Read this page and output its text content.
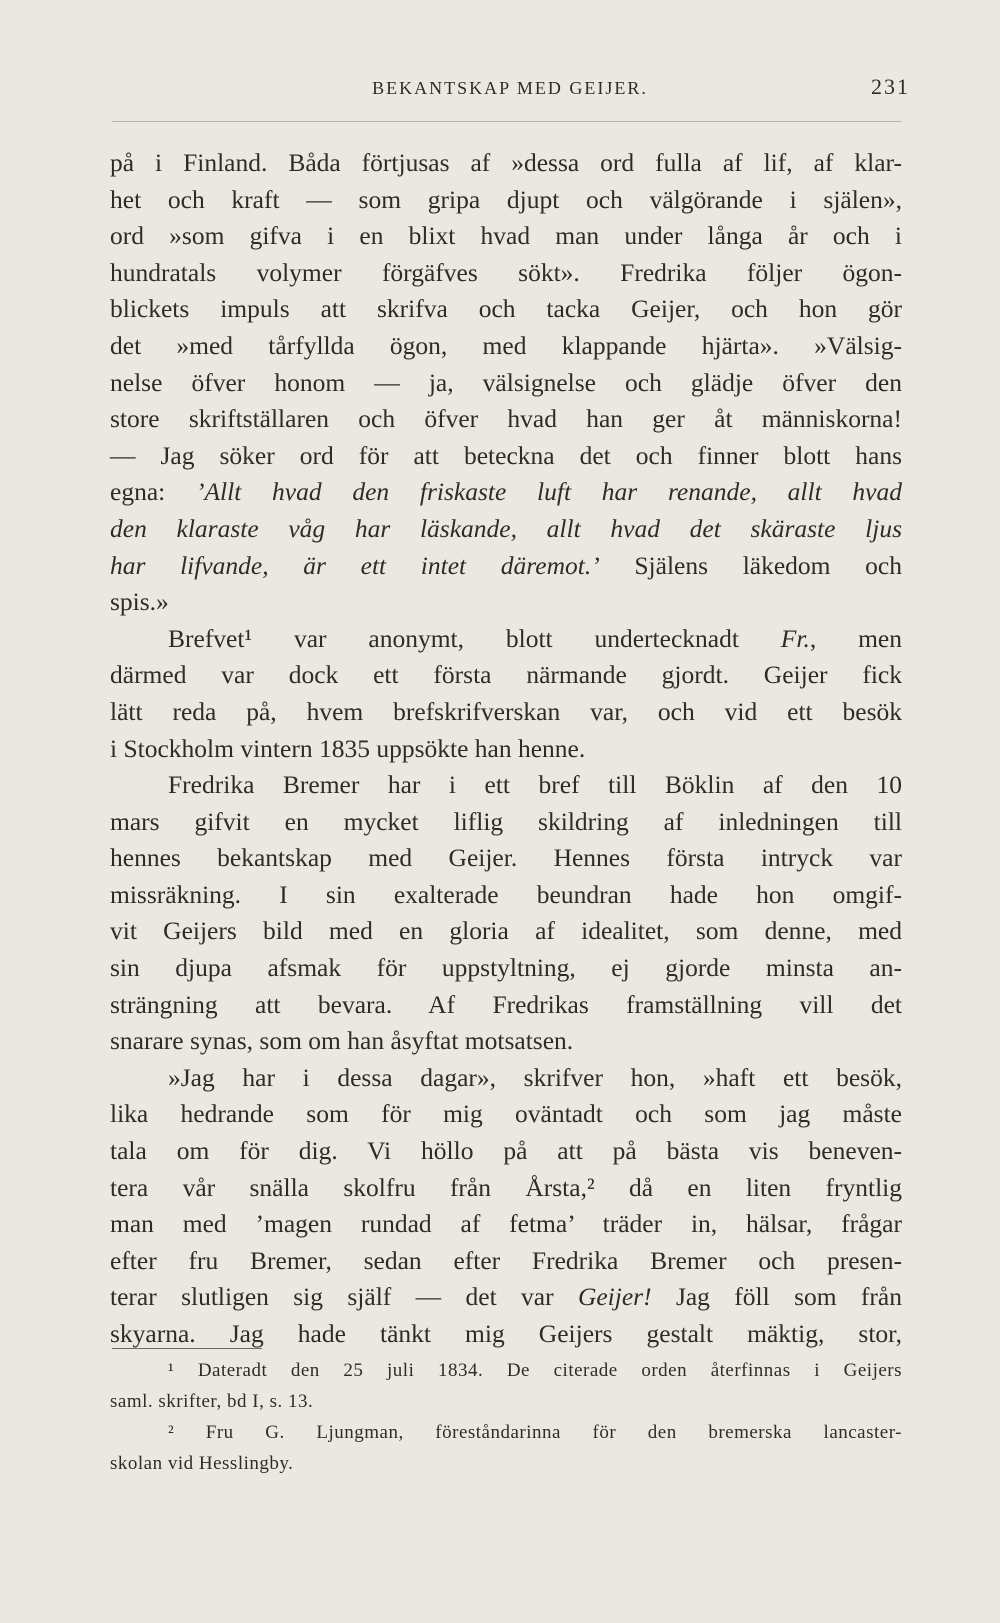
BEKANTSKAP MED GEIJER.	231
på i Finland. Båda förtjusas af »dessa ord fulla af lif, af klar-
het och kraft — som gripa djupt och välgörande i själen»,
ord »som gifva i en blixt hvad man under långa år och i
hundratals volymer förgäfves sökt». Fredrika följer ögon-
blickets impuls att skrifva och tacka Geijer, och hon gör
det »med tårfyllda ögon, med klappande hjärta». »Välsig-
nelse öfver honom — ja, välsignelse och glädje öfver den
store skriftställaren och öfver hvad han ger åt människorna!
— Jag söker ord för att beteckna det och finner blott hans
egna: ’Allt hvad den friskaste luft har renande, allt hvad
den klaraste våg har läskande, allt hvad det skäraste ljus
har lifvande, är ett intet däremot.’ Själens läkedom och
spis.»
Brefvet¹ var anonymt, blott undertecknadt Fr., men
därmed var dock ett första närmande gjordt. Geijer fick
lätt reda på, hvem brefskrifverskan var, och vid ett besök
i Stockholm vintern 1835 uppsökte han henne.
Fredrika Bremer har i ett bref till Böklin af den 10
mars gifvit en mycket liflig skildring af inledningen till
hennes bekantskap med Geijer. Hennes första intryck var
missräkning. I sin exalterade beundran hade hon omgif-
vit Geijers bild med en gloria af idealitet, som denne, med
sin djupa afsmak för uppstyltning, ej gjorde minsta an-
strängning att bevara. Af Fredrikas framställning vill det
snarare synas, som om han åsyftat motsatsen.
»Jag har i dessa dagar», skrifver hon, »haft ett besök,
lika hedrande som för mig oväntadt och som jag måste
tala om för dig. Vi höllo på att på bästa vis beneven-
tera vår snälla skolfru från Årsta,² då en liten fryntlig
man med ’magen rundad af fetma’ träder in, hälsar, frågar
efter fru Bremer, sedan efter Fredrika Bremer och presen-
terar slutligen sig själf — det var Geijer! Jag föll som från
skyarna. Jag hade tänkt mig Geijers gestalt mäktig, stor,
¹ Dateradt den 25 juli 1834. De citerade orden återfinnas i Geijers
saml. skrifter, bd I, s. 13.
² Fru G. Ljungman, föreståndarinna för den bremerska lancaster-
skolan vid Hesslingby.
